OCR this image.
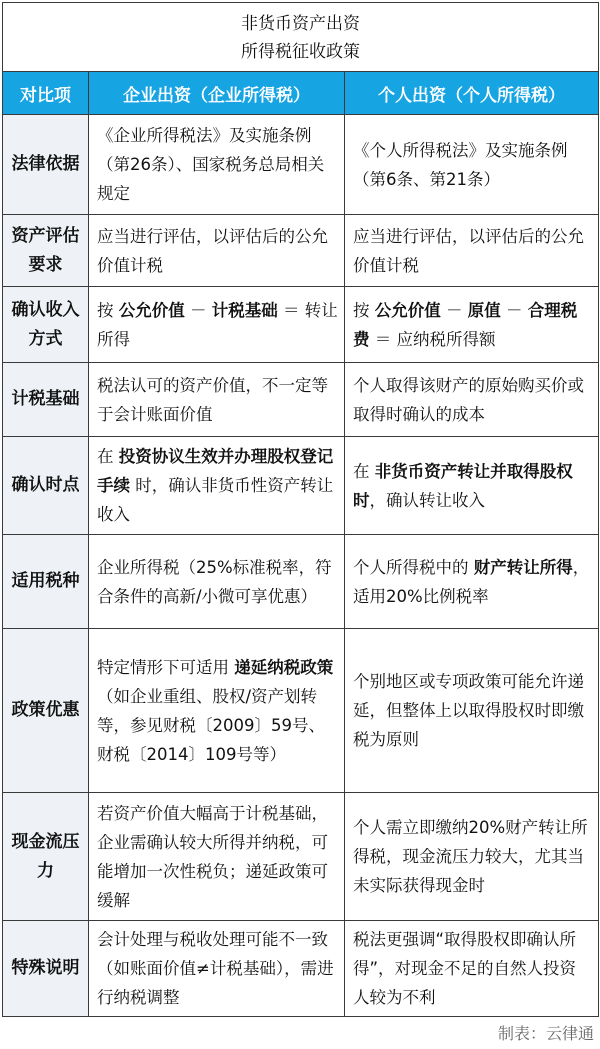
非货币资产出资
所得税征收政策		

对比项	企业出资（企业所得税）	个人出资（个人所得税）
法律依据	《企业所得税法》及实施条例（第26条）、国家税务总局相关规定	《个人所得税法》及实施条例（第6条、第21条）
资产评估要求	应当进行评估，以评估后的公允价值计税	应当进行评估，以评估后的公允价值计税
确认收入方式	按 公允价值 － 计税基础 ＝ 转让所得	按 公允价值 － 原值 － 合理税费 ＝ 应纳税所得额
计税基础	税法认可的资产价值，不一定等于会计账面价值	个人取得该财产的原始购买价或取得时确认的成本
确认时点	在 投资协议生效并办理股权登记手续 时，确认非货币性资产转让收入	在 非货币资产转让并取得股权时，确认转让收入
适用税种	企业所得税（25%标准税率，符合条件的高新/小微可享优惠）	个人所得税中的 财产转让所得，适用20%比例税率
政策优惠	特定情形下可适用 递延纳税政策（如企业重组、股权/资产划转等，参见财税〔2009〕59号、财税〔2014〕109号等）	个别地区或专项政策可能允许递延，但整体上以取得股权时即缴税为原则
现金流压力	若资产价值大幅高于计税基础，企业需确认较大所得并纳税，可能增加一次性税负；递延政策可缓解	个人需立即缴纳20%财产转让所得税，现金流压力较大，尤其当未实际获得现金时
特殊说明	会计处理与税收处理可能不一致（如账面价值≠计税基础），需进行纳税调整	税法更强调“取得股权即确认所得”，对现金不足的自然人投资人较为不利
制表：云律通
